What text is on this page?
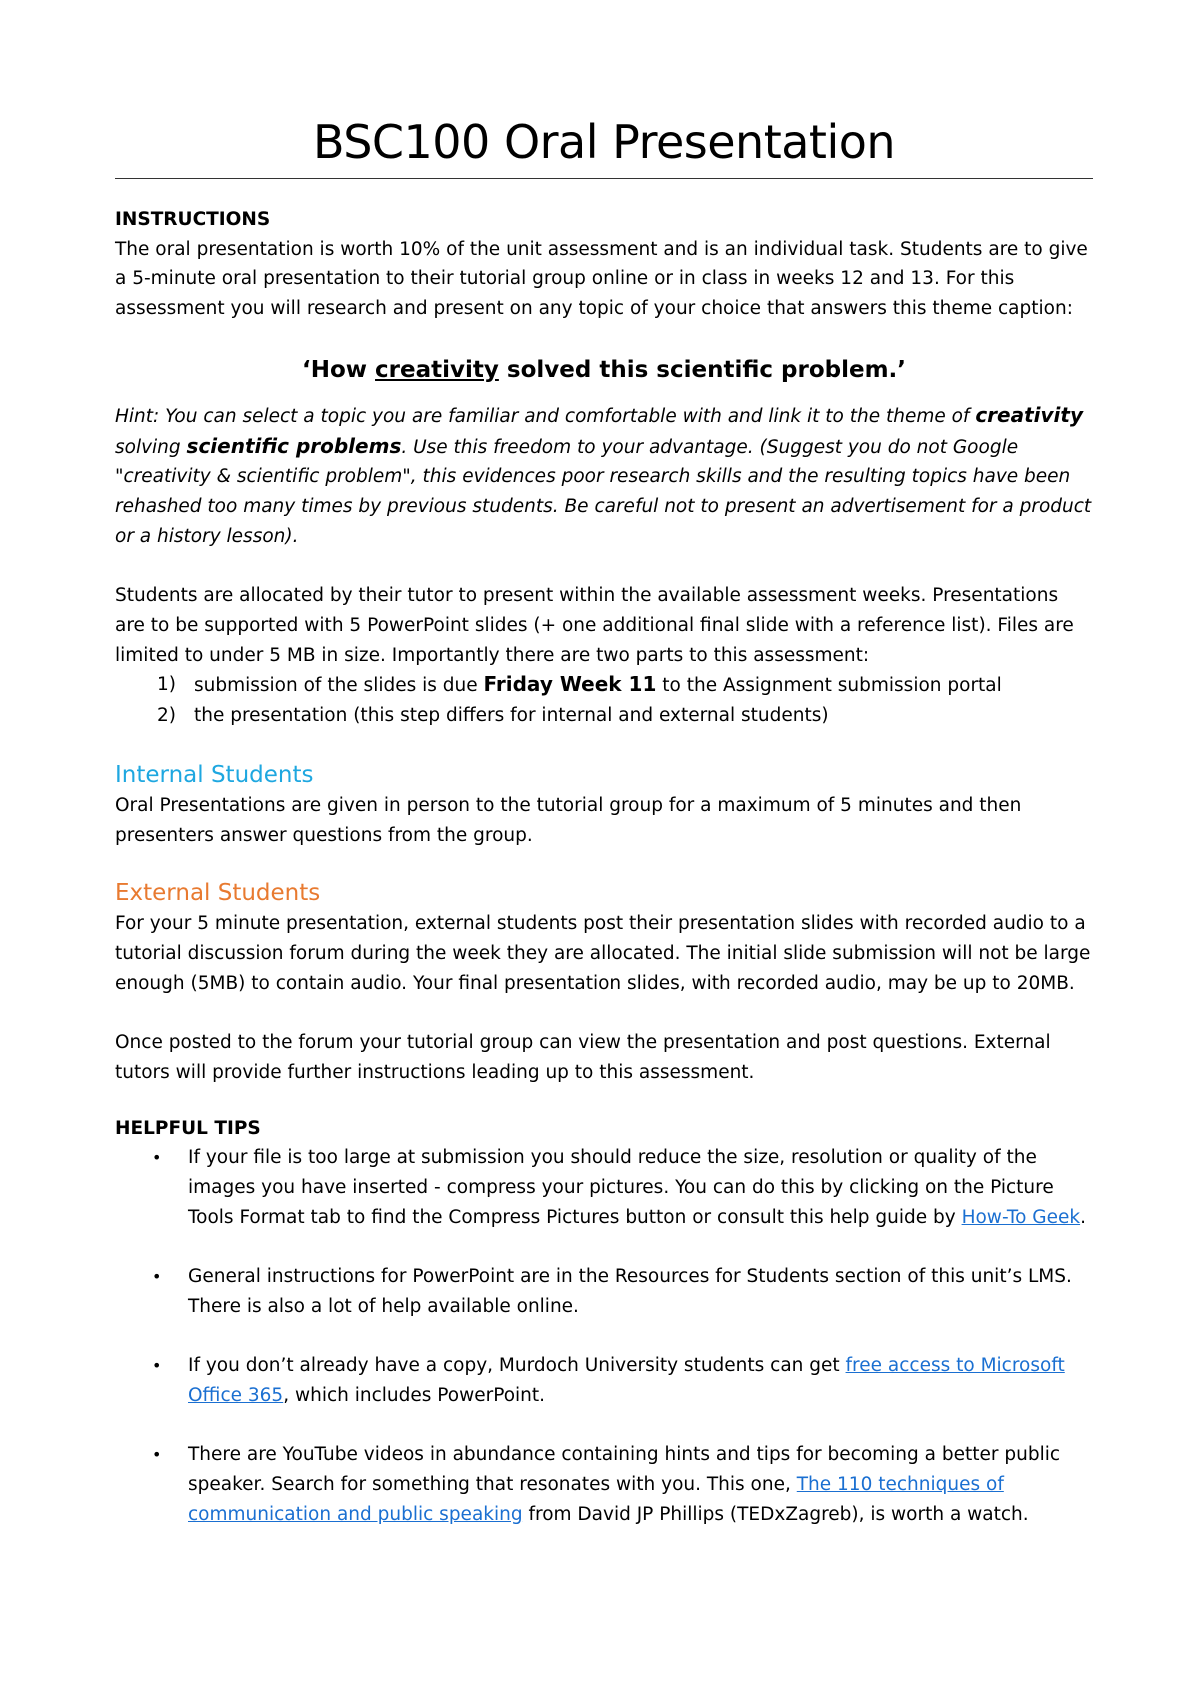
BSC100 Oral Presentation
INSTRUCTIONS

The oral presentation is worth 10% of the unit assessment and is an individual task. Students are to give a 5-minute oral presentation to their tutorial group online or in class in weeks 12 and 13. For this assessment you will research and present on any topic of your choice that answers this theme caption:

‘How creativity solved this scientific problem.’

Hint: You can select a topic you are familiar and comfortable with and link it to the theme of creativity solving scientific problems. Use this freedom to your advantage. (Suggest you do not Google "creativity & scientific problem", this evidences poor research skills and the resulting topics have been rehashed too many times by previous students. Be careful not to present an advertisement for a product or a history lesson).

Students are allocated by their tutor to present within the available assessment weeks. Presentations are to be supported with 5 PowerPoint slides (+ one additional final slide with a reference list). Files are limited to under 5 MB in size. Importantly there are two parts to this assessment:

1) submission of the slides is due Friday Week 11 to the Assignment submission portal
2) the presentation (this step differs for internal and external students)
Internal Students

Oral Presentations are given in person to the tutorial group for a maximum of 5 minutes and then presenters answer questions from the group.

External Students

For your 5 minute presentation, external students post their presentation slides with recorded audio to a tutorial discussion forum during the week they are allocated. The initial slide submission will not be large enough (5MB) to contain audio. Your final presentation slides, with recorded audio, may be up to 20MB.

Once posted to the forum your tutorial group can view the presentation and post questions. External tutors will provide further instructions leading up to this assessment.

HELPFUL TIPS
• If your file is too large at submission you should reduce the size, resolution or quality of the images you have inserted - compress your pictures. You can do this by clicking on the Picture Tools Format tab to find the Compress Pictures button or consult this help guide by How-To Geek.
• General instructions for PowerPoint are in the Resources for Students section of this unit’s LMS. There is also a lot of help available online.
• If you don’t already have a copy, Murdoch University students can get free access to Microsoft Office 365, which includes PowerPoint.
• There are YouTube videos in abundance containing hints and tips for becoming a better public speaker. Search for something that resonates with you. This one, The 110 techniques of communication and public speaking from David JP Phillips (TEDxZagreb), is worth a watch.
